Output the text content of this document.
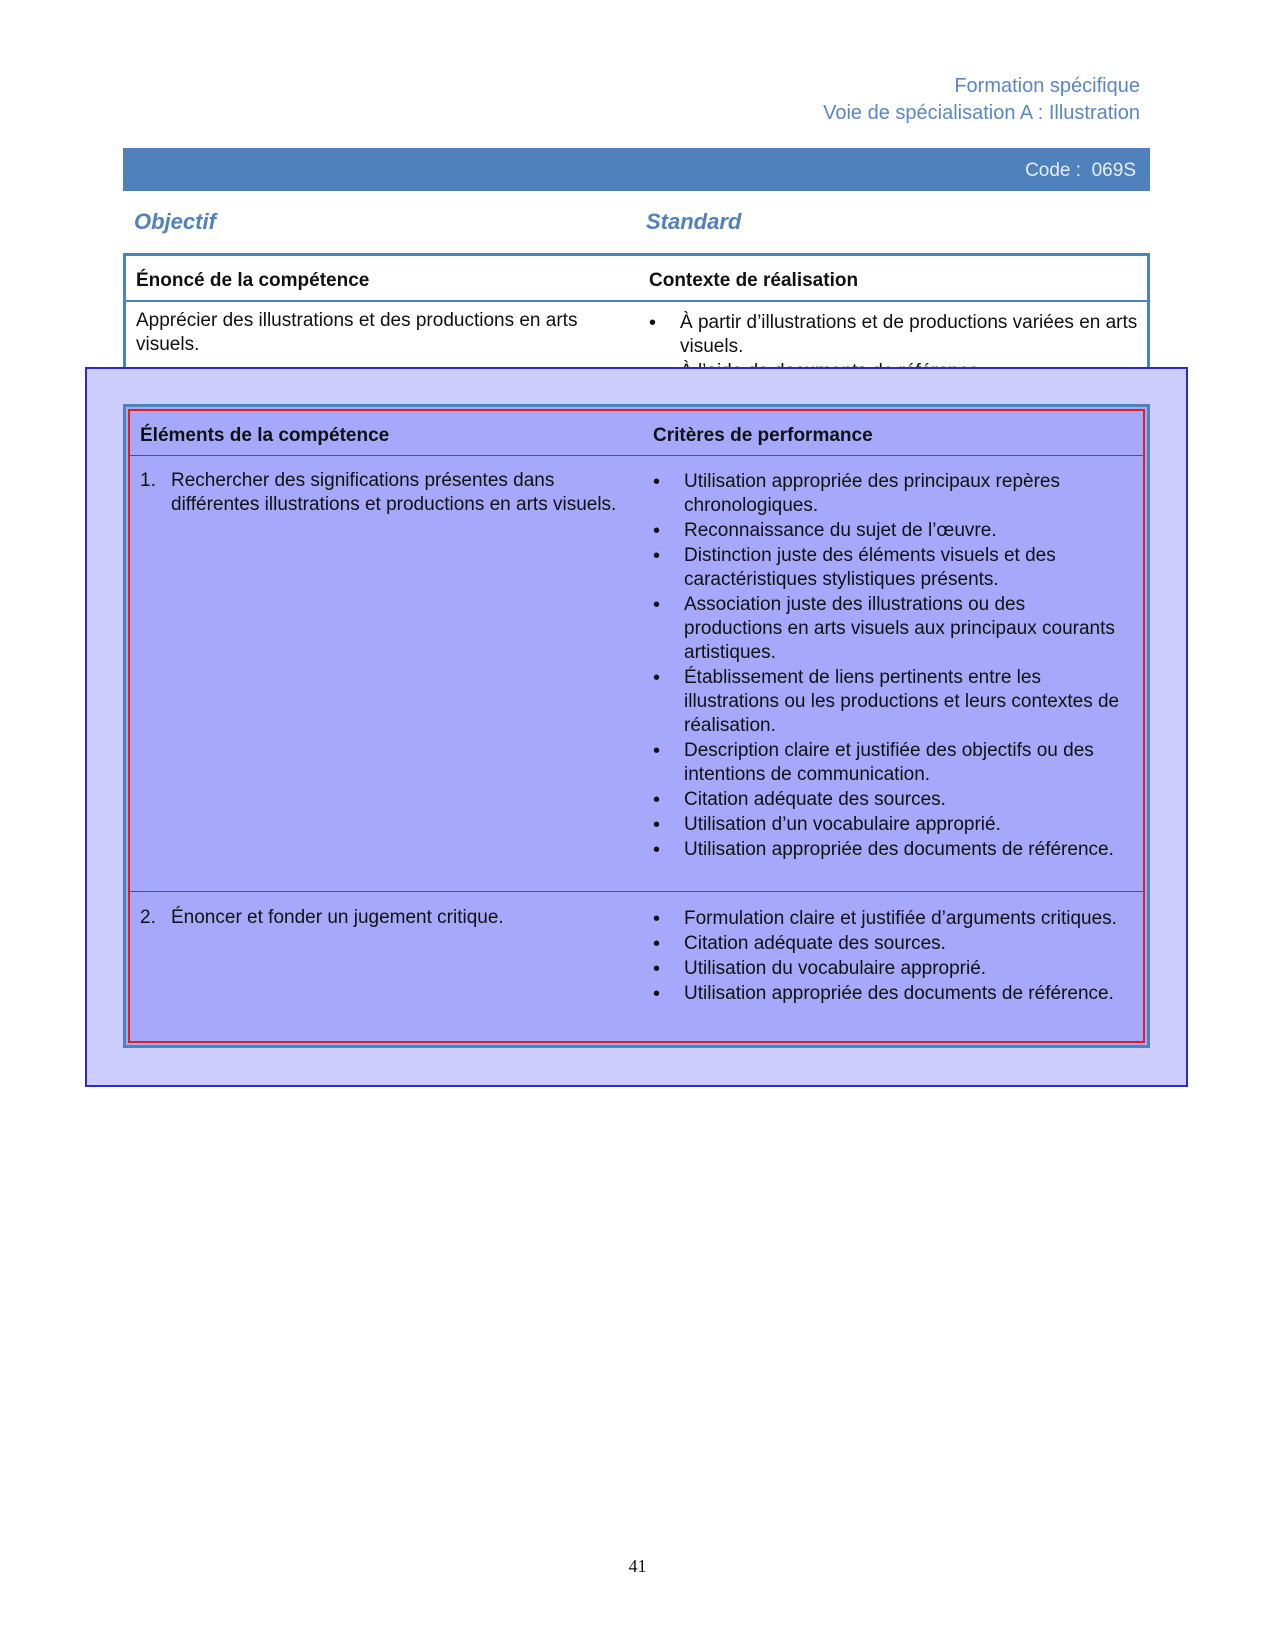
Formation spécifique
Voie de spécialisation A : Illustration
Code :  069S
Objectif	Standard
Énoncé de la compétence	Contexte de réalisation
Apprécier des illustrations et des productions en arts visuels.
• À partir d’illustrations et de productions variées en arts visuels.
•
Éléments de la compétence	Critères de performance
1. Rechercher des significations présentes dans différentes illustrations et productions en arts visuels.
• Utilisation appropriée des principaux repères chronologiques.
• Reconnaissance du sujet de l’œuvre.
• Distinction juste des éléments visuels et des caractéristiques stylistiques présents.
• Association juste des illustrations ou des productions en arts visuels aux principaux courants artistiques.
• Établissement de liens pertinents entre les illustrations ou les productions et leurs contextes de réalisation.
• Description claire et justifiée des objectifs ou des intentions de communication.
• Citation adéquate des sources.
• Utilisation d’un vocabulaire approprié.
• Utilisation appropriée des documents de référence.
2. Énoncer et fonder un jugement critique.
•	Formulation claire et justifiée d’arguments critiques.
• Citation adéquate des sources.
• Utilisation du vocabulaire approprié.
• Utilisation appropriée des documents de référence.
41
